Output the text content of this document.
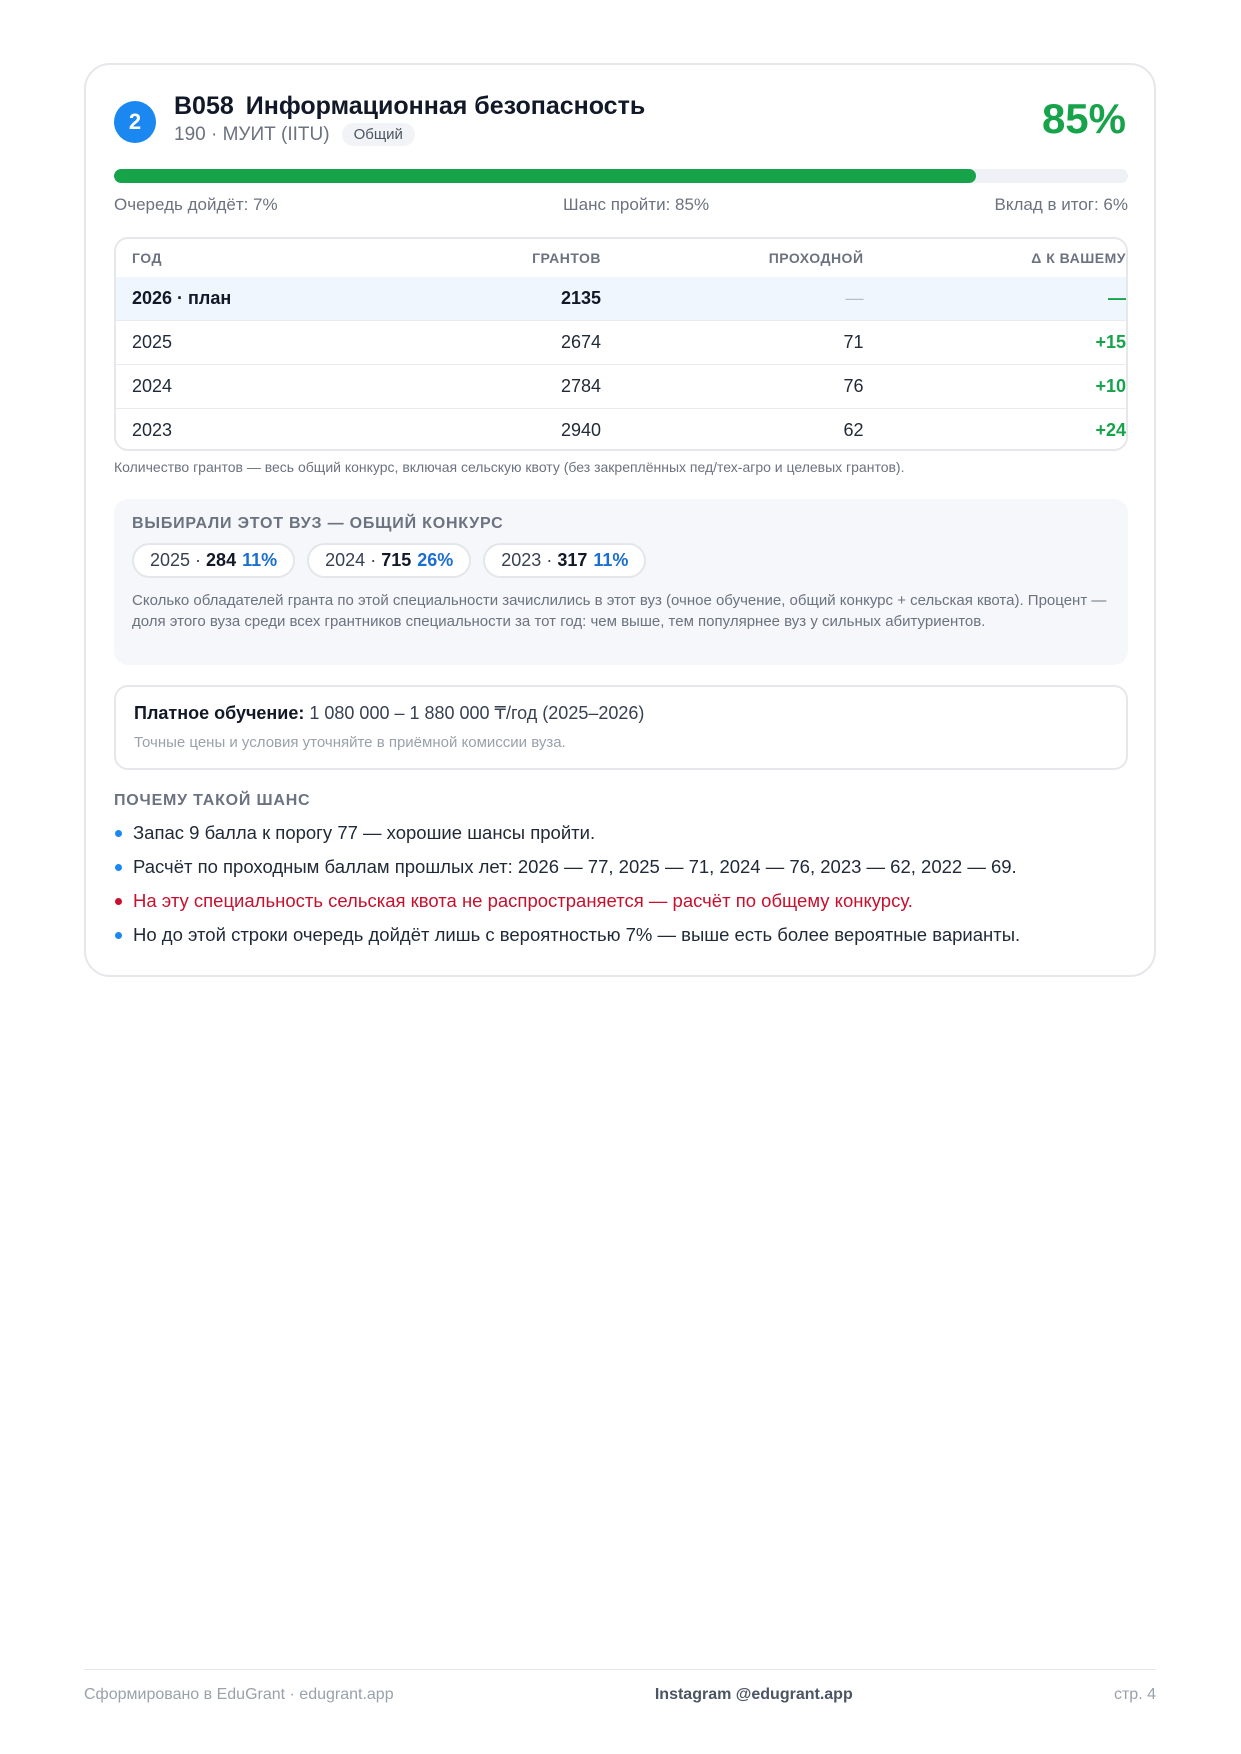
2
B058 Информационная безопасность
190 · МУИТ (IITU)	Общий	85%
Очередь дойдёт: 7%	Шанс пройти: 85%	Вклад в итог: 6%
ГОД	ГРАНТОВ	ПРОХОДНОЙ	Δ К ВАШЕМУ
2026 · план	2135	—	—
2025	2674	71	+15
2024	2784	76	+10
2023	2940	62	+24
Количество грантов — весь общий конкурс, включая сельскую квоту (без закреплённых пед/тех-агро и целевых грантов).
ВЫБИРАЛИ ЭТОТ ВУЗ — ОБЩИЙ КОНКУРС
2025 · 284 11%	2024 · 715 26%	2023 · 317 11%
Сколько обладателей гранта по этой специальности зачислились в этот вуз (очное обучение, общий конкурс + сельская квота). Процент — доля этого вуза среди всех грантников специальности за тот год: чем выше, тем популярнее вуз у сильных абитуриентов.
Платное обучение: 1 080 000 – 1 880 000 ₸/год (2025–2026)
Точные цены и условия уточняйте в приёмной комиссии вуза.
ПОЧЕМУ ТАКОЙ ШАНС
Запас 9 балла к порогу 77 — хорошие шансы пройти.
Расчёт по проходным баллам прошлых лет: 2026 — 77, 2025 — 71, 2024 — 76, 2023 — 62, 2022 — 69.
На эту специальность сельская квота не распространяется — расчёт по общему конкурсу.
Но до этой строки очередь дойдёт лишь с вероятностью 7% — выше есть более вероятные варианты.
Сформировано в EduGrant · edugrant.app	Instagram @edugrant.app	стр. 4
